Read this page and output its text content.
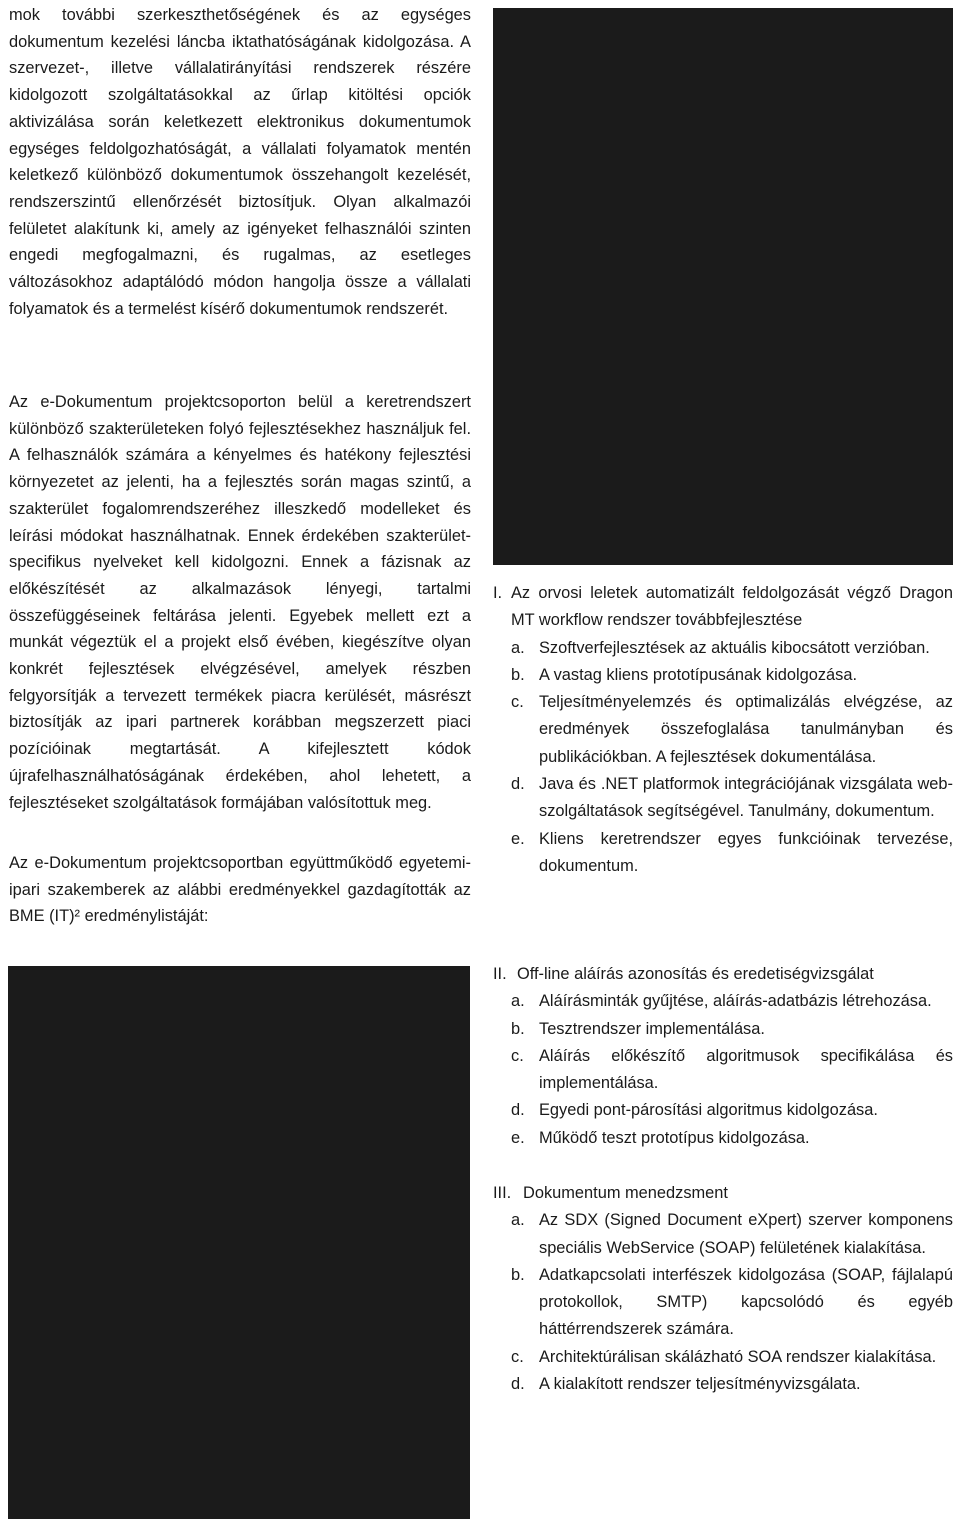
mok további szerkeszthetőségének és az egységes dokumentum kezelési láncba iktathatóságának kidolgozása. A szervezet-, illetve vállalatirányítási rendszerek részére kidolgozott szolgáltatásokkal az űrlap kitöltési opciók aktivizálása során keletkezett elektronikus dokumentumok egységes feldolgozhatóságát, a vállalati folyamatok mentén keletkező különböző dokumentumok összehangolt kezelését, rendszerszintű ellenőrzését biztosítjuk. Olyan alkalmazói felületet alakítunk ki, amely az igényeket felhasználói szinten engedi megfogalmazni, és rugalmas, az esetleges változásokhoz adaptálódó módon hangolja össze a vállalati folyamatok és a termelést kísérő dokumentumok rendszerét.

Az e-Dokumentum projektcsoporton belül a keretrendszert különböző szakterületeken folyó fejlesztésekhez használjuk fel. A felhasználók számára a kényelmes és hatékony fejlesztési környezetet az jelenti, ha a fejlesztés során magas szintű, a szakterület fogalomrendszeréhez illeszkedő modelleket és leírási módokat használhatnak. Ennek érdekében szakterület-specifikus nyelveket kell kidolgozni. Ennek a fázisnak az előkészítését az alkalmazások lényegi, tartalmi összefüggéseinek feltárása jelenti. Egyebek mellett ezt a munkát végeztük el a projekt első évében, kiegészítve olyan konkrét fejlesztések elvégzésével, amelyek részben felgyorsítják a tervezett termékek piacra kerülését, másrészt biztosítják az ipari partnerek korábban megszerzett piaci pozícióinak megtartását. A kifejlesztett kódok újrafelhasználhatóságának érdekében, ahol lehetett, a fejlesztéseket szolgáltatások formájában valósítottuk meg.

Az e-Dokumentum projektcsoportban együttműködő egyetemi-ipari szakemberek az alábbi eredményekkel gazdagították az BME (IT)² eredménylistáját:

I. Az orvosi leletek automatizált feldolgozását végző Dragon MT workflow rendszer továbbfejlesztése
a. Szoftverfejlesztések az aktuális kibocsátott verzióban.
b. A vastag kliens prototípusának kidolgozása.
c. Teljesítményelemzés és optimalizálás elvégzése, az eredmények összefoglalása tanulmányban és publikációkban. A fejlesztések dokumentálása.
d. Java és .NET platformok integrációjának vizsgálata web-szolgáltatások segítségével. Tanulmány, dokumentum.
e. Kliens keretrendszer egyes funkcióinak tervezése, dokumentum.
II. Off-line aláírás azonosítás és eredetiségvizsgálat
a. Aláírásminták gyűjtése, aláírás-adatbázis létrehozása.
b. Tesztrendszer implementálása.
c. Aláírás előkészítő algoritmusok specifikálása és implementálása.
d. Egyedi pont-párosítási algoritmus kidolgozása.
e. Működő teszt prototípus kidolgozása.
III. Dokumentum menedzsment
a. Az SDX (Signed Document eXpert) szerver komponens speciális WebService (SOAP) felületének kialakítása.
b. Adatkapcsolati interfészek kidolgozása (SOAP, fájlalapú protokollok, SMTP) kapcsolódó és egyéb háttérrendszerek számára.
c. Architektúrálisan skálázható SOA rendszer kialakítása.
d. A kialakított rendszer teljesítményvizsgálata.
